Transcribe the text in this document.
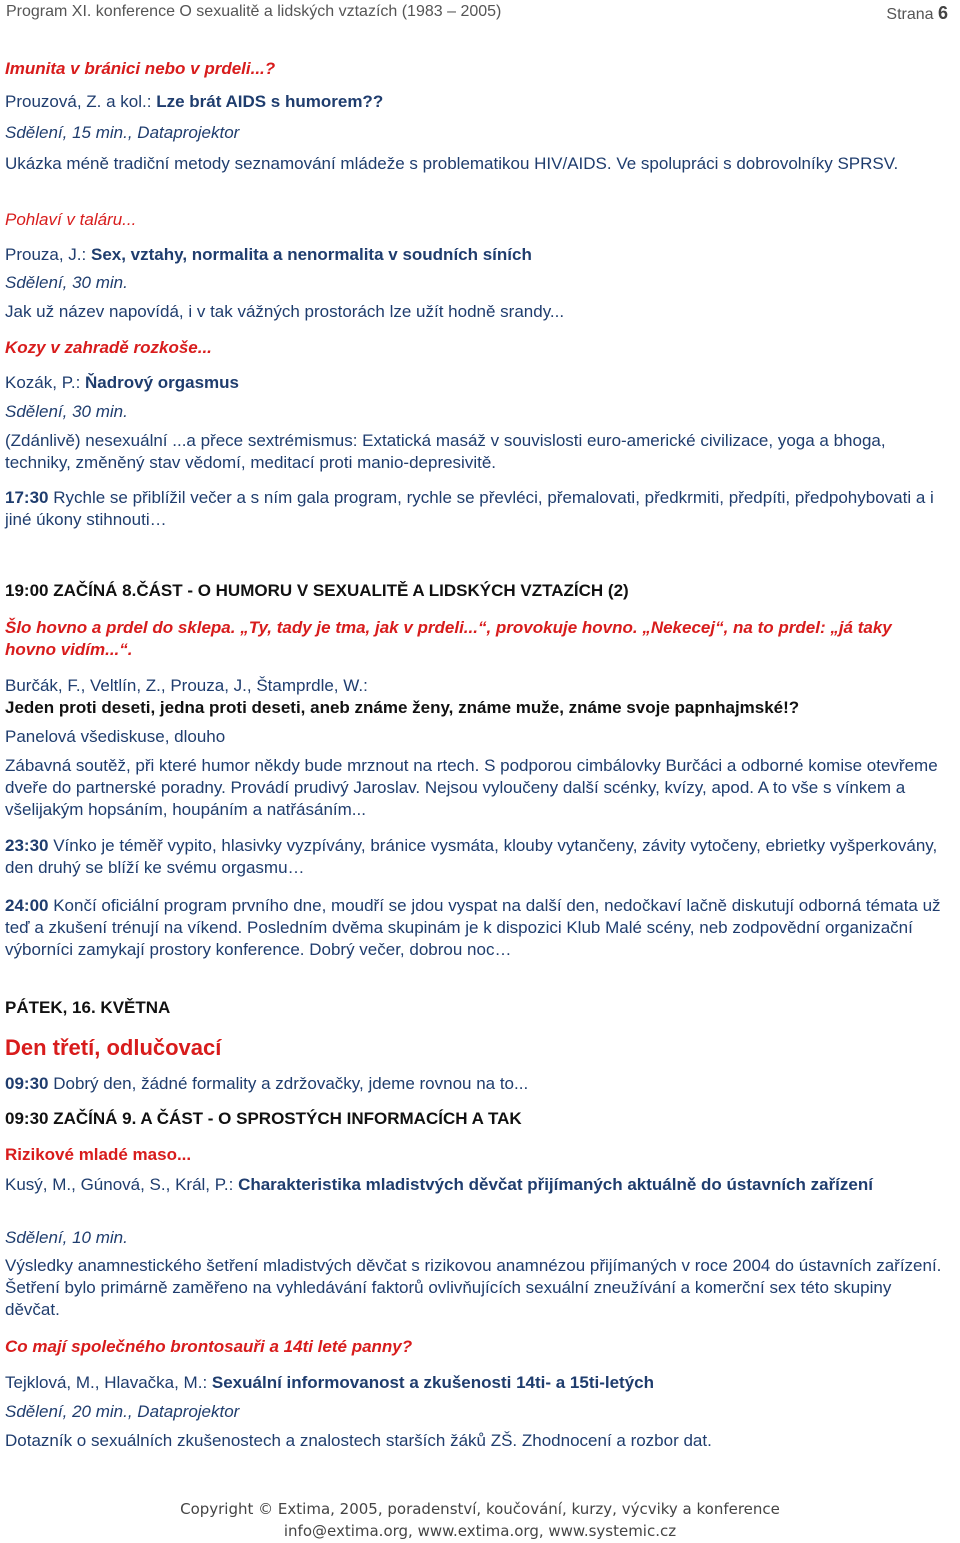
Program XI. konference O sexualitě a lidských vztazích (1983 – 2005)	Strana 6
Imunita v bránici nebo v prdeli...?
Prouzová, Z. a kol.: Lze brát AIDS s humorem??
Sdělení, 15 min., Dataprojektor
Ukázka méně tradiční metody seznamování mládeže s problematikou HIV/AIDS. Ve spolupráci s dobrovolníky SPRSV.
Pohlaví v taláru...
Prouza, J.: Sex, vztahy, normalita a nenormalita v soudních síních
Sdělení, 30 min.
Jak už název napovídá, i v tak vážných prostorách lze užít hodně srandy...
Kozy v zahradě rozkoše...
Kozák, P.: Ňadrový orgasmus
Sdělení, 30 min.
(Zdánlivě) nesexuální ...a přece sextrémismus: Extatická masáž v souvislosti euro-americké civilizace, yoga a bhoga, techniky, změněný stav vědomí, meditací proti manio-depresivitě.
17:30 Rychle se přiblížil večer a s ním gala program, rychle se převléci, přemalovati, předkrmiti, předpíti, předpohybovati a i jiné úkony stihnouti…
19:00 ZAČÍNÁ 8.ČÁST - O HUMORU V SEXUALITĚ A LIDSKÝCH VZTAZÍCH (2)
Šlo hovno a prdel do sklepa. „Ty, tady je tma, jak v prdeli...“, provokuje hovno. „Nekecej“, na to prdel: „já taky hovno vidím...“.
Burčák, F., Veltlín, Z., Prouza, J., Štamprdle, W.:
Jeden proti deseti, jedna proti deseti, aneb známe ženy, známe muže, známe svoje papnhajmské!?
Panelová všediskuse, dlouho
Zábavná soutěž, při které humor někdy bude mrznout na rtech. S podporou cimbálovky Burčáci a odborné komise otevřeme dveře do partnerské poradny. Provádí prudivý Jaroslav. Nejsou vyloučeny další scénky, kvízy, apod. A to vše s vínkem a všelijakým hopsáním, houpáním a natřásáním...
23:30 Vínko je téměř vypito, hlasivky vyzpívány, bránice vysmáta, klouby vytančeny, závity vytočeny, ebrietky vyšperkovány, den druhý se blíží ke svému orgasmu…
24:00 Končí oficiální program prvního dne, moudří se jdou vyspat na další den, nedočkaví lačně diskutují odborná témata už teď a zkušení trénují na víkend. Posledním dvěma skupinám je k dispozici Klub Malé scény, neb zodpovědní organizační výborníci zamykají prostory konference. Dobrý večer, dobrou noc…
PÁTEK, 16. KVĚTNA
Den třetí, odlučovací
09:30 Dobrý den, žádné formality a zdržovačky, jdeme rovnou na to...
09:30 ZAČÍNÁ 9. A ČÁST - O SPROSTÝCH INFORMACÍCH A TAK
Rizikové mladé maso...
Kusý, M., Gúnová, S., Král, P.: Charakteristika mladistvých děvčat přijímaných aktuálně do ústavních zařízení
Sdělení, 10 min.
Výsledky anamnestického šetření mladistvých děvčat s rizikovou anamnézou přijímaných v roce 2004 do ústavních zařízení. Šetření bylo primárně zaměřeno na vyhledávání faktorů ovlivňujících sexuální zneužívání a komerční sex této skupiny děvčat.
Co mají společného brontosauři a 14ti leté panny?
Tejklová, M., Hlavačka, M.: Sexuální informovanost a zkušenosti 14ti- a 15ti-letých
Sdělení, 20 min., Dataprojektor
Dotazník o sexuálních zkušenostech a znalostech starších žáků ZŠ. Zhodnocení a rozbor dat.
Copyright © Extima, 2005, poradenství, koučování, kurzy, výcviky a konference
info@extima.org, www.extima.org, www.systemic.cz
